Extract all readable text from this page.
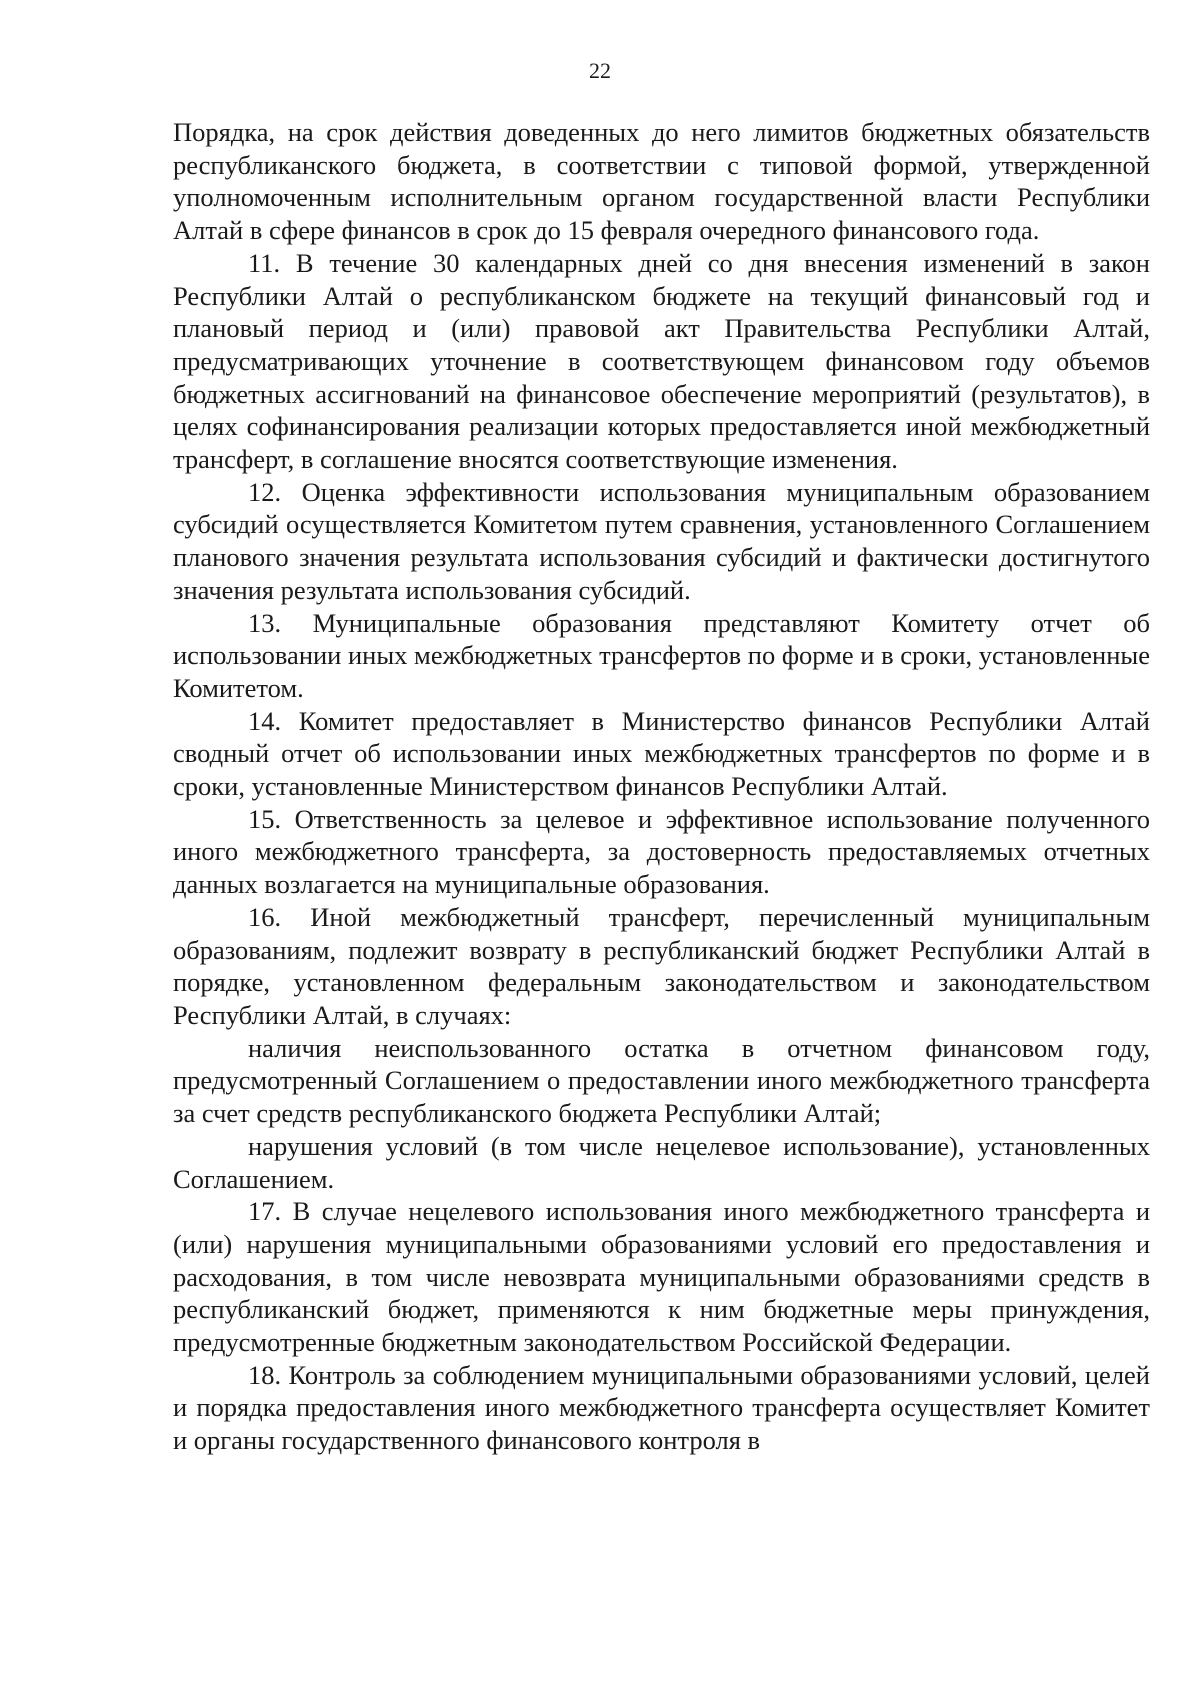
22

Порядка, на срок действия доведенных до него лимитов бюджетных обязательств республиканского бюджета, в соответствии с типовой формой, утвержденной уполномоченным исполнительным органом государственной власти Республики Алтай в сфере финансов в срок до 15 февраля очередного финансового года.

11. В течение 30 календарных дней со дня внесения изменений в закон Республики Алтай о республиканском бюджете на текущий финансовый год и плановый период и (или) правовой акт Правительства Республики Алтай, предусматривающих уточнение в соответствующем финансовом году объемов бюджетных ассигнований на финансовое обеспечение мероприятий (результатов), в целях софинансирования реализации которых предоставляется иной межбюджетный трансферт, в соглашение вносятся соответствующие изменения.

12. Оценка эффективности использования муниципальным образованием субсидий осуществляется Комитетом путем сравнения, установленного Соглашением планового значения результата использования субсидий и фактически достигнутого значения результата использования субсидий.

13. Муниципальные образования представляют Комитету отчет об использовании иных межбюджетных трансфертов по форме и в сроки, установленные Комитетом.

14. Комитет предоставляет в Министерство финансов Республики Алтай сводный отчет об использовании иных межбюджетных трансфертов по форме и в сроки, установленные Министерством финансов Республики Алтай.

15. Ответственность за целевое и эффективное использование полученного иного межбюджетного трансферта, за достоверность предоставляемых отчетных данных возлагается на муниципальные образования.

16. Иной межбюджетный трансферт, перечисленный муниципальным образованиям, подлежит возврату в республиканский бюджет Республики Алтай в порядке, установленном федеральным законодательством и законодательством Республики Алтай, в случаях:

наличия неиспользованного остатка в отчетном финансовом году, предусмотренный Соглашением о предоставлении иного межбюджетного трансферта за счет средств республиканского бюджета Республики Алтай;

нарушения условий (в том числе нецелевое использование), установленных Соглашением.

17. В случае нецелевого использования иного межбюджетного трансферта и (или) нарушения муниципальными образованиями условий его предоставления и расходования, в том числе невозврата муниципальными образованиями средств в республиканский бюджет, применяются к ним бюджетные меры принуждения, предусмотренные бюджетным законодательством Российской Федерации.

18. Контроль за соблюдением муниципальными образованиями условий, целей и порядка предоставления иного межбюджетного трансферта осуществляет Комитет и органы государственного финансового контроля в
